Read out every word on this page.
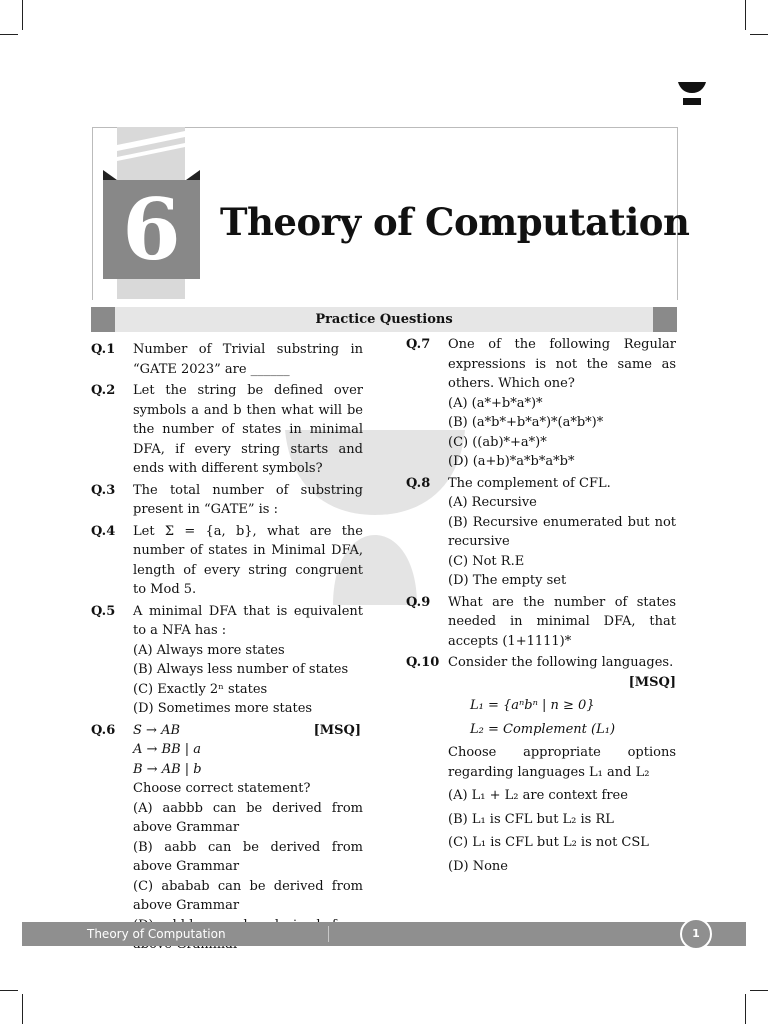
6	Theory of Computation
Practice Questions
Q.1 Number of Trivial substring in “GATE 2023” are ______
Q.2 Let the string be defined over symbols a and b then what will be the number of states in minimal DFA, if every string starts and ends with different symbols?
Q.3 The total number of substring present in “GATE” is :
Q.4 Let Σ = {a, b}, what are the number of states in Minimal DFA, length of every string congruent to Mod 5.
Q.5 A minimal DFA that is equivalent to a NFA has :
(A) Always more states
(B) Always less number of states
(C) Exactly 2ⁿ states
(D) Sometimes more states
Q.6 S → AB	[MSQ]
A → BB | a
B → AB | b
Choose correct statement?
(A) aabbb can be derived from above Grammar
(B) aabb can be derived from above Grammar
(C) ababab can be derived from above Grammar
Q.7 One of the following Regular expressions is not the same as others. Which one?
(A) (a*+b*a*)*
(B) (a*b*+b*a*)*(a*b*)*
(C) ((ab)*+a*)*
(D) (a+b)*a*b*a*b*
Q.8 The complement of CFL.
(A) Recursive
(B) Recursive enumerated but not recursive
(C) Not R.E
(D) The empty set
Q.9 What are the number of states needed in minimal DFA, that accepts (1+1111)*
Q.10 Consider the following languages.
[MSQ]
L₁ = {aⁿbⁿ | n ≥ 0}
L₂ = Complement (L₁)
Choose appropriate options regarding languages L₁ and L₂
(A) L₁ + L₂ are context free
(B) L₁ is CFL but L₂ is RL
(C) L₁ is CFL but L₂ is not CSL
(D) None
Theory of Computation	1
